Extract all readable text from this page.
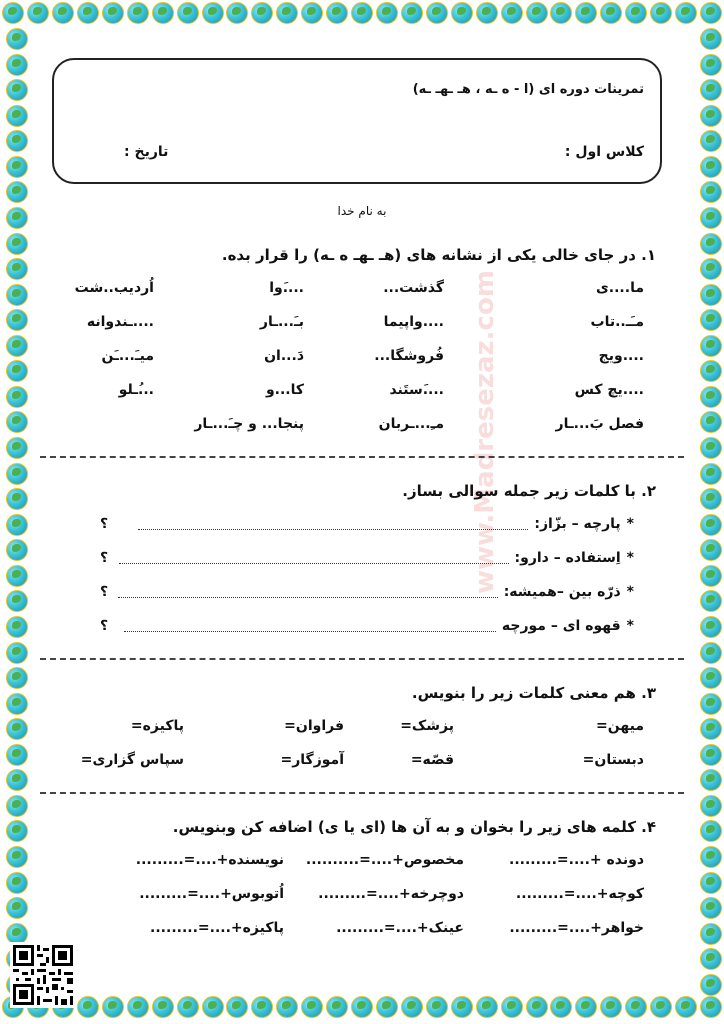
www.Madresezaz.com
تمرینات دوره ای (ا - ه ـه ، هـ ـهـ ـه)
کلاس اول :
تاریخ :
به نام خدا
۱. در جای خالی یکی از نشانه های (هـ ـهـ ه ـه) را قرار بده.
ما....ی
گذشت...
....َوا
اُردیب..شت
مـَـ..تاب
....واپیما
بـَ...ـار
....ـندوانه
....ویج
فُروشگا...
دَ...ان
میـَ...ـَن
....یچ کس
....َستَند
کا...و
...ُـلو
فصل بَ...ـار
مـِ...ـربان
پنجا... و چـَ...ـار
۲. با کلمات زیر جمله سوالی بساز.
*
پارچه – بزّاز:
؟
*
اِستفاده – دارو:
؟
*
ذرّه بین –همیشه:
؟
*
قهوه ای – مورچه
؟
۳. هم معنی کلمات زیر را بنویس.
میهن=
پزشک=
فراوان=
پاکیزه=
دبستان=
قصّه=
آموزگار=
سپاس گزاری=
۴. کلمه های زیر را بخوان و به آن ها (ای یا ی) اضافه کن وبنویس.
دونده +....=.........
مخصوص+....=..........
نویسنده+....=.........
کوچه+....=.........
دوچرخه+....=.........
اُتوبوس+....=.........
خواهر+....=.........
عینک+....=.........
پاکیزه+....=.........
